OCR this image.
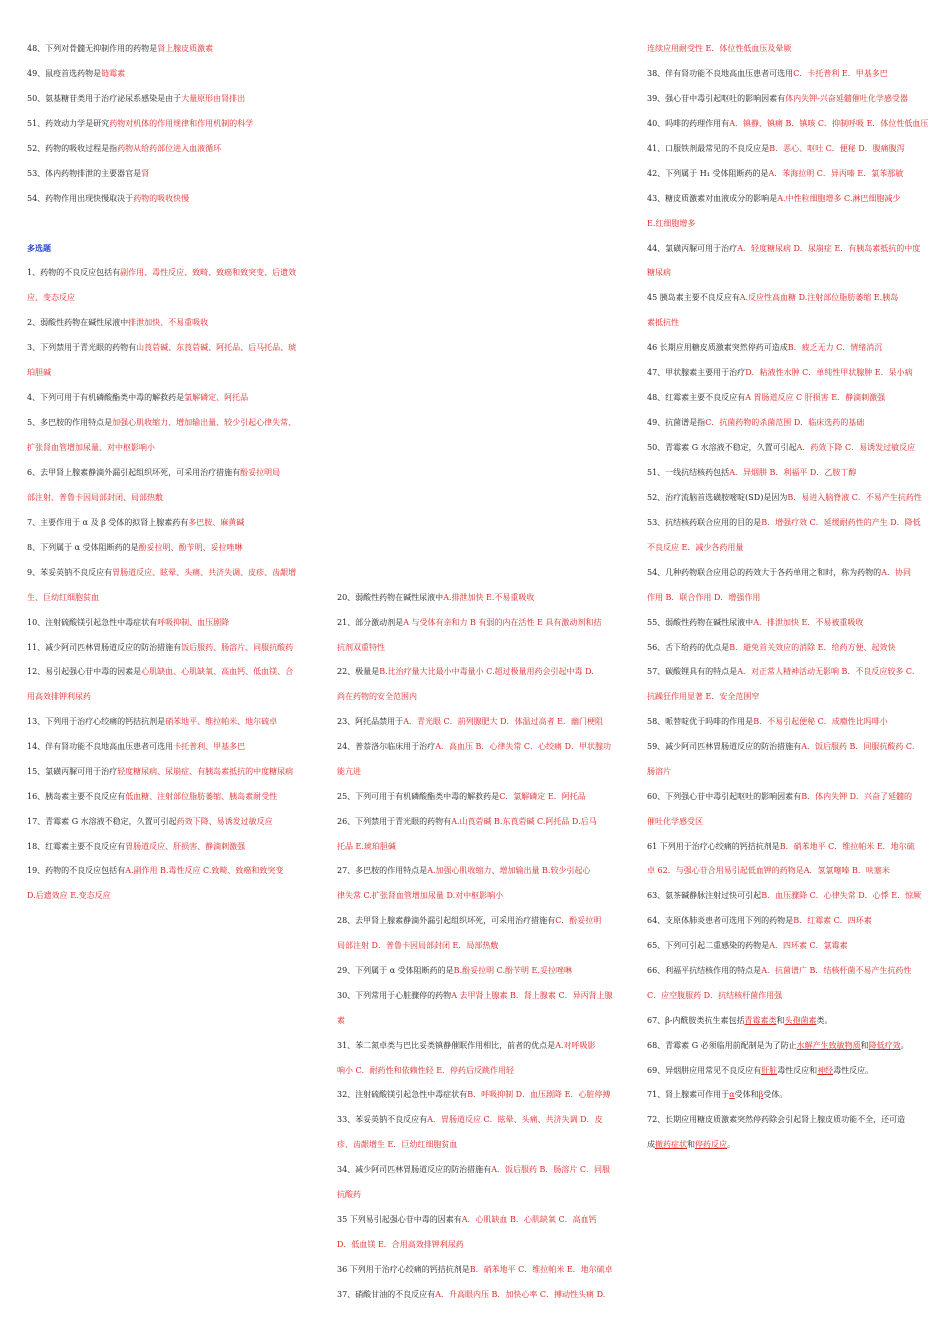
48、下列对骨髓无抑制作用的药物是肾上腺皮质激素
49、鼠疫首选药物是链霉素
50、氨基糖苷类用于治疗泌尿系感染是由于大量原形由肾排出
51、药效动力学是研究药物对机体的作用规律和作用机制的科学
52、药物的吸收过程是指药物从给药部位进入血液循环
53、体内药物排泄的主要器官是肾
54、药物作用出现快慢取决于药物的吸收快慢
多选题
1、药物的不良反应包括有副作用、毒性反应、致畸、致癌和致突变、后遗效
应、变态反应
2、弱酸性药物在碱性尿液中排泄加快、不易重吸收
3、下列禁用于青光眼的药物有山莨菪碱、东莨菪碱、阿托品、后马托品、琥
珀胆碱
4、下列可用于有机磷酸酯类中毒的解救药是氯解磷定、阿托品
5、多巴胺的作用特点是加强心肌收缩力、增加输出量、较少引起心律失常、
扩张肾血管增加尿量、对中枢影响小
6、去甲肾上腺素静滴外漏引起组织坏死，可采用治疗措施有酚妥拉明局
部注射、普鲁卡因局部封闭、局部热敷
7、主要作用于 α 及 β 受体的拟肾上腺素药有多巴胺、麻黄碱
8、下列属于 α 受体阻断药的是酚妥拉明、酚苄明、妥拉唑啉
9、苯妥英钠不良反应有胃肠道反应、眩晕、头痛、共济失调、皮疹、齿龈增
生、巨幼红细胞贫血
10、注射硫酸镁引起急性中毒症状有呼吸抑制、血压剧降
11、减少阿司匹林胃肠道反应的防治措施有饭后服药、肠溶片、同服抗酸药
12、易引起强心苷中毒的因素是心肌缺血、心肌缺氧、高血钙、低血镁、合
用高效排钾利尿药
13、下列用于治疗心绞痛的钙拮抗剂是硝苯地平、维拉帕米、地尔硫卓
14、伴有肾功能不良地高血压患者可选用卡托普利、甲基多巴
15、氯磺丙脲可用于治疗轻度糖尿病、尿崩症、有胰岛素抵抗的中度糖尿病
16、胰岛素主要不良反应有低血糖、注射部位脂肪萎缩、胰岛素耐受性
17、青霉素 G 水溶液不稳定，久置可引起药效下降、易诱发过敏反应
18、红霉素主要不良反应有胃肠道反应、肝损害、静滴刺激强
19、药物的不良反应包括有A.副作用 B.毒性反应 C.致畸、致癌和致突变
D.后遗效应 E.变态反应
20、弱酸性药物在碱性尿液中A.排泄加快 E.不易重吸收
21、部分激动剂是A 与受体有亲和力 B 有弱的内在活性 E 具有激动剂和拮
抗剂双重特性
22、极量是B.比治疗量大比最小中毒量小 C.超过极量用药会引起中毒 D.
尚在药物的安全范围内
23、阿托品禁用于A．青光眼 C．前列腺肥大 D．体温过高者 E．幽门梗阻
24、普萘洛尔临床用于治疗A．高血压 B．心律失常 C．心绞痛 D．甲状腺功
能亢进
25、下列可用于有机磷酸酯类中毒的解救药是C．氯解磷定 E．阿托品
26、下列禁用于青光眼的药物有A.山莨菪碱 B.东莨菪碱 C.阿托品 D.后马
托品 E.琥珀胆碱
27、多巴胺的作用特点是A.加强心肌收缩力、增加输出量 B.较少引起心
律失常 C.扩张肾血管增加尿量 D.对中枢影响小
28、去甲肾上腺素静滴外漏引起组织坏死，可采用治疗措施有C．酚妥拉明
局部注射 D．普鲁卡因局部封闭 E．局部热敷
29、下列属于 α 受体阻断药的是B.酚妥拉明 C.酚苄明 E.妥拉唑啉
30、下列常用于心脏骤停的药物A 去甲肾上腺素 B．肾上腺素 C．异丙肾上腺
素
31、苯二氮卓类与巴比妥类镇静催眠作用相比，前者的优点是A.对呼吸影
响小 C．耐药性和依赖性轻 E．停药后反跳作用轻
32、注射硫酸镁引起急性中毒症状有B．呼吸抑制 D．血压剧降 E．心脏停搏
33、苯妥英钠不良反应有A．胃肠道反应 C．眩晕、头痛、共济失调 D．皮
疹、齿龈增生 E．巨幼红细胞贫血
34、减少阿司匹林胃肠道反应的防治措施有A．饭后服药 B．肠溶片 C．同服
抗酸药
35 下列易引起强心苷中毒的因素有A．心肌缺血 B．心肌缺氧 C．高血钙
D．低血镁 E．合用高效排钾利尿药
36 下列用于治疗心绞痛的钙拮抗剂是B．硝苯地平 C．维拉帕米 E．地尔硫卓
37、硝酸甘油的不良反应有A．升高眼内压 B．加快心率 C．搏动性头痛 D.
连续应用耐受性 E．体位性低血压及晕厥
38、伴有肾功能不良地高血压患者可选用C．卡托普利 E．甲基多巴
39、强心苷中毒引起呕吐的影响因素有体内失钾-兴奋延髓催吐化学感受器
40、吗啡的药理作用有A．镇静、镇痛 B．镇咳 C．抑制呼吸 E．体位性低血压
41、口服铁剂最常见的不良反应是B．恶心、呕吐 C．便秘 D．腹痛腹泻
42、下列属于 H₁ 受体阻断药的是A．苯海拉明 C．异丙嗪 E．氯苯那敏
43、糖皮质激素对血液成分的影响是A.中性粒细胞增多 C.淋巴细胞减少
E.红细胞增多
44、氯磺丙脲可用于治疗A．轻度糖尿病 D．尿崩症 E．有胰岛素抵抗的中度
糖尿病
45 胰岛素主要不良反应有A.反应性高血糖 D.注射部位脂肪萎缩 E.胰岛
素抵抗性
46 长期应用糖皮质激素突然停药可造成B．疲乏无力 C．情绪消沉
47、甲状腺素主要用于治疗D．粘液性水肿 C．单纯性甲状腺肿 E．呆小病
48、红霉素主要不良反应有A 胃肠道反应 C 肝损害 E．静滴刺激强
49、抗菌谱是指C．抗菌药物的杀菌范围 D．临床选药的基础
50、青霉素 G 水溶液不稳定，久置可引起A．药效下降 C．易诱发过敏反应
51、一线抗结核药包括A．异烟肼 B．利福平 D．乙胺丁醇
52、治疗流脑首选磺胺嘧啶(SD)是因为B．易进入脑脊液 C．不易产生抗药性
53、抗结核药联合应用的目的是B．增强疗效 C．延缓耐药性的产生 D．降低
不良反应 E．减少各药用量
54、几种药物联合应用总的药效大于各药单用之和时，称为药物的A．协同
作用 B．联合作用 D．增强作用
55、弱酸性药物在碱性尿液中A．排泄加快 E．不易被重吸收
56、舌下给药的优点是B．避免首关效应的消除 E．给药方便、起效快
57、碳酸锂具有的特点是A．对正常人精神活动无影响 B．不良反应较多 C．
抗躁狂作用显著 E．安全范围窄
58、哌替啶优于吗啡的作用是B．不易引起便秘 C．成瘾性比吗啡小
59、减少阿司匹林胃肠道反应的防治措施有A．饭后服药 B．同服抗酸药 C．
肠溶片
60、下列强心苷中毒引起呕吐的影响因素有B．体内失钾 D．兴奋了延髓的
催吐化学感受区
61 下列用于治疗心绞痛的钙拮抗剂是B．硝苯地平 C．维拉帕米 E．地尔硫
卓 62．与强心苷合用易引起低血钾的药物是A．氢氯噻嗪 B．呋塞米
63、氨茶碱静脉注射过快可引起B．血压骤降 C．心律失常 D．心悸 E．惊厥
64、支原体肺炎患者可选用下列的药物是B．红霉素 C．四环素
65、下列可引起二重感染的药物是A．四环素 C．氯霉素
66、利福平抗结核作用的特点是A．抗菌谱广 B．结核杆菌不易产生抗药性
C．应空腹服药 D．抗结核杆菌作用强
67、β-内酰胺类抗生素包括青霉素类和头孢菌素类。
68、青霉素 G 必须临用前配制是为了防止水解产生致敏物质和降低疗效。
69、异烟肼应用常见不良反应有肝脏毒性反应和神经毒性反应。
71、肾上腺素可作用于α受体和β受体。
72、长期应用糖皮质激素突然停药除会引起肾上腺皮质功能不全，还可造
成撤药症状和停药反应。
